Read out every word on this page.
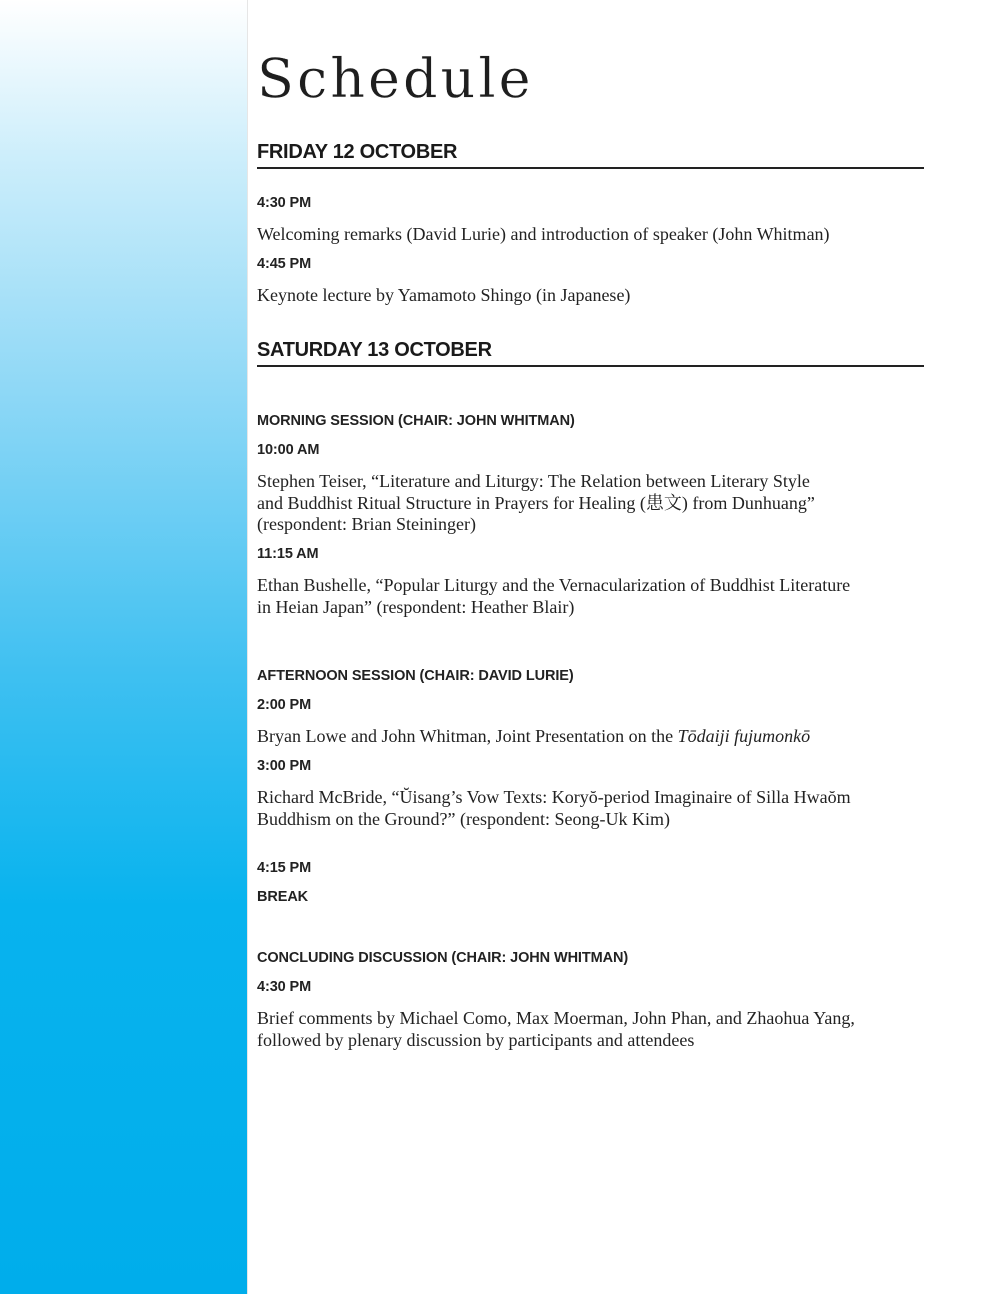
Schedule
FRIDAY 12 OCTOBER
4:30 PM
Welcoming remarks (David Lurie) and introduction of speaker (John Whitman)
4:45 PM
Keynote lecture by Yamamoto Shingo (in Japanese)
SATURDAY 13 OCTOBER
MORNING SESSION (CHAIR: JOHN WHITMAN)
10:00 AM
Stephen Teiser, “Literature and Liturgy: The Relation between Literary Style
and Buddhist Ritual Structure in Prayers for Healing (患文) from Dunhuang”
(respondent: Brian Steininger)
11:15 AM
Ethan Bushelle, “Popular Liturgy and the Vernacularization of Buddhist Literature
in Heian Japan” (respondent: Heather Blair)
AFTERNOON SESSION (CHAIR: DAVID LURIE)
2:00 PM
Bryan Lowe and John Whitman, Joint Presentation on the Tōdaiji fujumonkō
3:00 PM
Richard McBride, “Ŭisang’s Vow Texts: Koryŏ-period Imaginaire of Silla Hwaŏm
Buddhism on the Ground?” (respondent: Seong-Uk Kim)
4:15 PM
BREAK
CONCLUDING DISCUSSION (CHAIR: JOHN WHITMAN)
4:30 PM
Brief comments by Michael Como, Max Moerman, John Phan, and Zhaohua Yang,
followed by plenary discussion by participants and attendees
